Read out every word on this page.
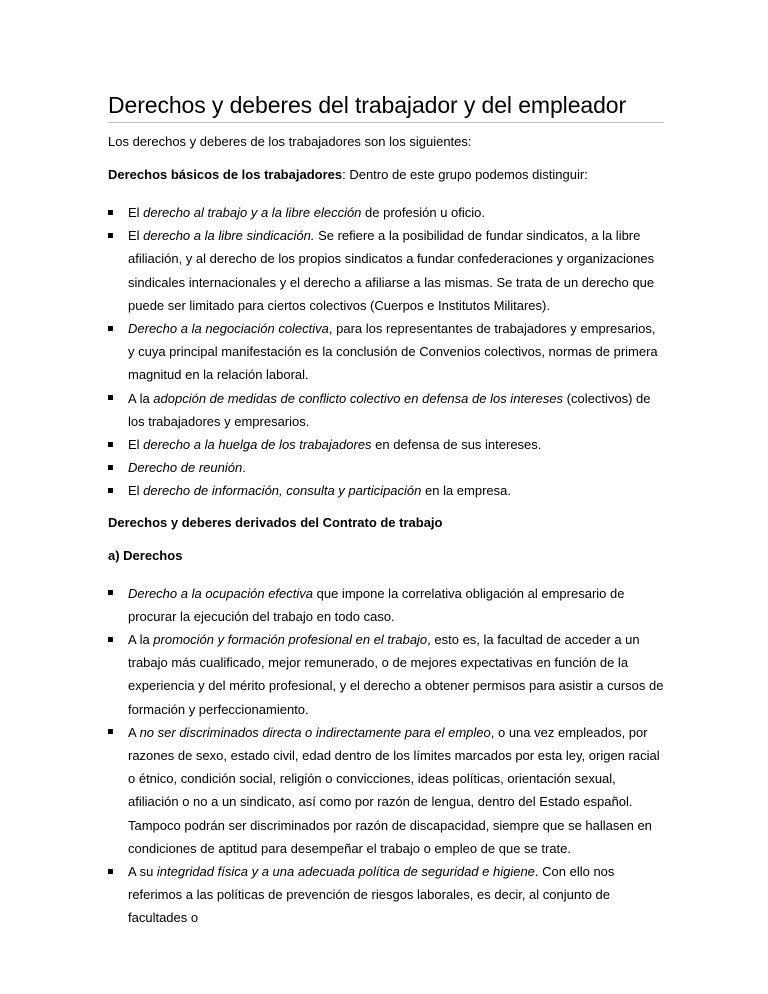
Derechos y deberes del trabajador y del empleador

Los derechos y deberes de los trabajadores son los siguientes:

Derechos básicos de los trabajadores: Dentro de este grupo podemos distinguir:

El derecho al trabajo y a la libre elección de profesión u oficio.
El derecho a la libre sindicación. Se refiere a la posibilidad de fundar sindicatos, a la libre afiliación, y al derecho de los propios sindicatos a fundar confederaciones y organizaciones sindicales internacionales y el derecho a afiliarse a las mismas. Se trata de un derecho que puede ser limitado para ciertos colectivos (Cuerpos e Institutos Militares).
Derecho a la negociación colectiva, para los representantes de trabajadores y empresarios, y cuya principal manifestación es la conclusión de Convenios colectivos, normas de primera magnitud en la relación laboral.
A la adopción de medidas de conflicto colectivo en defensa de los intereses (colectivos) de los trabajadores y empresarios.
El derecho a la huelga de los trabajadores en defensa de sus intereses.
Derecho de reunión.
El derecho de información, consulta y participación en la empresa.

Derechos y deberes derivados del Contrato de trabajo

a) Derechos

Derecho a la ocupación efectiva que impone la correlativa obligación al empresario de procurar la ejecución del trabajo en todo caso.
A la promoción y formación profesional en el trabajo, esto es, la facultad de acceder a un trabajo más cualificado, mejor remunerado, o de mejores expectativas en función de la experiencia y del mérito profesional, y el derecho a obtener permisos para asistir a cursos de formación y perfeccionamiento.
A no ser discriminados directa o indirectamente para el empleo, o una vez empleados, por razones de sexo, estado civil, edad dentro de los límites marcados por esta ley, origen racial o étnico, condición social, religión o convicciones, ideas políticas, orientación sexual, afiliación o no a un sindicato, así como por razón de lengua, dentro del Estado español. Tampoco podrán ser discriminados por razón de discapacidad, siempre que se hallasen en condiciones de aptitud para desempeñar el trabajo o empleo de que se trate.
A su integridad física y a una adecuada política de seguridad e higiene. Con ello nos referimos a las políticas de prevención de riesgos laborales, es decir, al conjunto de facultades o
